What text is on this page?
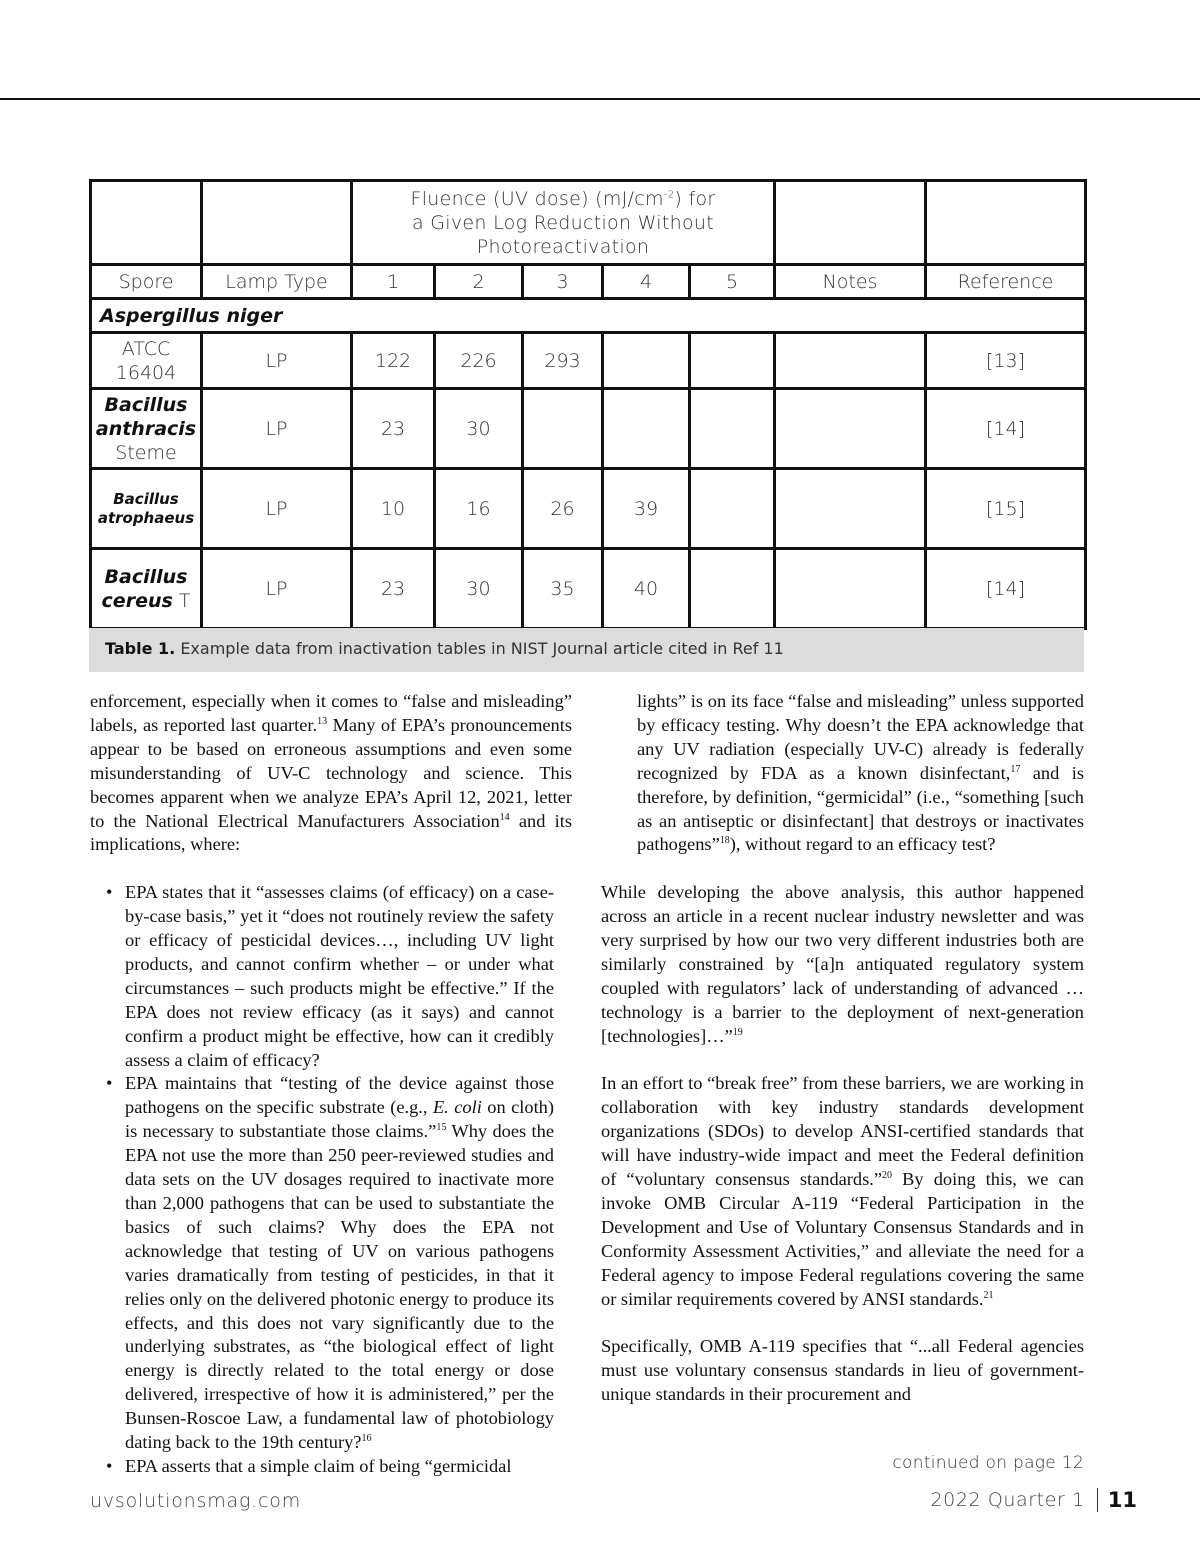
		Fluence (UV dose) $(mJ/cm^{-2})$ for
a Given Log Reduction Without
Photoreactivation						
Spore	Lamp Type	1	2	3	4	5	Notes	Reference
Aspergillus niger								

ATCC
16404	LP	122	226	293				[13]

Bacillus
anthracis
Steme	LP	23	30					[14]

Bacillus
atrophaeus	LP	10	16	26	39			[15]

Bacillus
cereus T	LP	23	30	35	40			[14]
Table 1. Example data from inactivation tables in NIST Journal article cited in Ref 11

enforcement, especially when it comes to “false and misleading” labels, as reported last quarter.$^{13}$ Many of EPA’s pronouncements appear to be based on erroneous assumptions and even some misunderstanding of UV-C technology and science. This becomes apparent when we analyze EPA’s April 12, 2021, letter to the National Electrical Manufacturers Association$^{14}$ and its implications, where:

• EPA states that it “assesses claims (of efficacy) on a case-by-case basis,” yet it “does not routinely review the safety or efficacy of pesticidal devices…, including UV light products, and cannot confirm whether – or under what circumstances – such products might be effective.” If the EPA does not review efficacy (as it says) and cannot confirm a product might be effective, how can it credibly assess a claim of efficacy?
• EPA maintains that “testing of the device against those pathogens on the specific substrate (e.g., E. coli on cloth) is necessary to substantiate those claims.”$^{15}$ Why does the EPA not use the more than 250 peer-reviewed studies and data sets on the UV dosages required to inactivate more than 2,000 pathogens that can be used to substantiate the basics of such claims? Why does the EPA not acknowledge that testing of UV on various pathogens varies dramatically from testing of pesticides, in that it relies only on the delivered photonic energy to produce its effects, and this does not vary significantly due to the underlying substrates, as “the biological effect of light energy is directly related to the total energy or dose delivered, irrespective of how it is administered,” per the Bunsen-Roscoe Law, a fundamental law of photobiology dating back to the 19th century?$^{16}$
• EPA asserts that a simple claim of being “germicidal

lights” is on its face “false and misleading” unless supported by efficacy testing. Why doesn’t the EPA acknowledge that any UV radiation (especially UV-C) already is federally recognized by FDA as a known disinfectant,$^{17}$ and is therefore, by definition, “germicidal” (i.e., “something [such as an antiseptic or disinfectant] that destroys or inactivates pathogens”$^{18}$), without regard to an efficacy test?

While developing the above analysis, this author happened across an article in a recent nuclear industry newsletter and was very surprised by how our two very different industries both are similarly constrained by “[a]n antiquated regulatory system coupled with regulators’ lack of understanding of advanced … technology is a barrier to the deployment of next-generation [technologies]…”$^{19}$

In an effort to “break free” from these barriers, we are working in collaboration with key industry standards development organizations (SDOs) to develop ANSI-certified standards that will have industry-wide impact and meet the Federal definition of “voluntary consensus standards.”$^{20}$ By doing this, we can invoke OMB Circular A-119 “Federal Participation in the Development and Use of Voluntary Consensus Standards and in Conformity Assessment Activities,” and alleviate the need for a Federal agency to impose Federal regulations covering the same or similar requirements covered by ANSI standards.$^{21}$

Specifically, OMB A-119 specifies that “...all Federal agencies must use voluntary consensus standards in lieu of government-unique standards in their procurement and

continued on page 12
uvsolutionsmag.com	2022 Quarter 1 11
